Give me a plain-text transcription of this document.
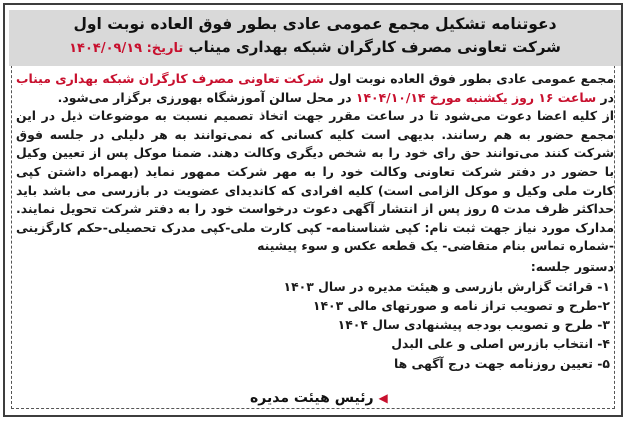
دعوتنامه تشکیل مجمع عمومی عادی بطور فوق العاده نوبت اول
شرکت تعاونی مصرف کارگران شبکه بهداری میناب تاریخ: ۱۴۰۴/۰۹/۱۹

مجمع عمومی عادی بطور فوق العاده نوبت اول شرکت تعاونی مصرف کارگران شبکه بهداری میناب در ساعت ۱۶ روز یکشنبه مورخ ۱۴۰۴/۱۰/۱۴ در محل سالن آموزشگاه بهورزی برگزار می‌شود.

از کلیه اعضا دعوت می‌شود تا در ساعت مقرر جهت اتخاذ تصمیم نسبت به موضوعات ذیل در این مجمع حضور به هم رسانند. بدیهی است کلیه کسانی که نمی‌توانند به هر دلیلی در جلسه فوق شرکت کنند می‌توانند حق رای خود را به شخص دیگری وکالت دهند. ضمنا موکل پس از تعیین وکیل با حضور در دفتر شرکت تعاونی وکالت خود را به مهر شرکت ممهور نماید (بهمراه داشتن کپی کارت ملی وکیل و موکل الزامی است) کلیه افرادی که کاندیدای عضویت در بازرسی می باشد باید حداکثر ظرف مدت ۵ روز پس از انتشار آگهی دعوت درخواست خود را به دفتر شرکت تحویل نمایند. مدارک مورد نیاز جهت ثبت نام: کپی شناسنامه- کپی کارت ملی-کپی مدرک تحصیلی-حکم کارگزینی -شماره تماس بنام متقاضی- یک قطعه عکس و سوء پیشینه

دستور جلسه:
۱- قرائت گزارش بازرسی و هیئت مدیره در سال ۱۴۰۳
۲-طرح و تصویب تراز نامه و صورتهای مالی ۱۴۰۳
۳- طرح و تصویب بودجه پیشنهادی سال ۱۴۰۴
۴- انتخاب بازرس اصلی و علی البدل
۵- تعیین روزنامه جهت درج آگهی ها
◀رئیس هیئت مدیره
